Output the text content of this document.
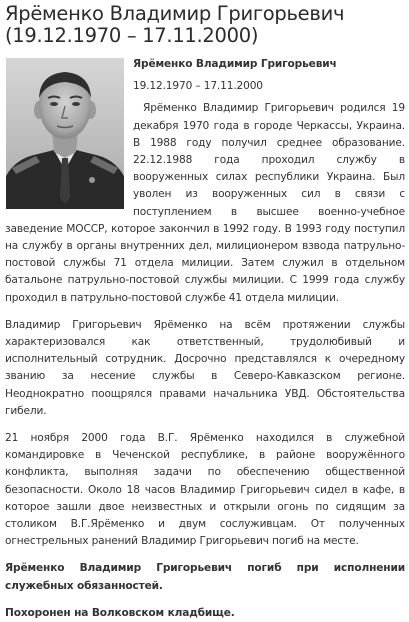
Ярёменко Владимир Григорьевич (19.12.1970 – 17.11.2000)

Ярёменко Владимир Григорьевич

19.12.1970 – 17.11.2000

Ярёменко Владимир Григорьевич родился 19 декабря 1970 года в городе Черкассы, Украина. В 1988 году получил среднее образование. 22.12.1988 года проходил службу в вооруженных силах республики Украина. Был уволен из вооруженных сил в связи с поступлением в высшее военно-учебное заведение МОССР, которое закончил в 1992 году. В 1993 году поступил на службу в органы внутренних дел, милиционером взвода патрульно-постовой службы 71 отдела милиции. Затем служил в отдельном батальоне патрульно-постовой службы милиции. С 1999 года службу проходил в патрульно-постовой службе 41 отдела милиции.

Владимир Григорьевич Ярёменко на всём протяжении службы характеризовался как ответственный, трудолюбивый и исполнительный сотрудник. Досрочно представлялся к очередному званию за несение службы в Северо-Кавказском регионе. Неоднократно поощрялся правами начальника УВД. Обстоятельства гибели.

21 ноября 2000 года В.Г. Ярёменко находился в служебной командировке в Чеченской республике, в районе вооружённого конфликта, выполняя задачи по обеспечению общественной безопасности. Около 18 часов Владимир Григорьевич сидел в кафе, в которое зашли двое неизвестных и открыли огонь по сидящим за столиком В.Г.Ярёменко и двум сослуживцам. От полученных огнестрельных ранений Владимир Григорьевич погиб на месте.

Ярёменко Владимир Григорьевич погиб при исполнении служебных обязанностей.

Похоронен на Волковском кладбище.
